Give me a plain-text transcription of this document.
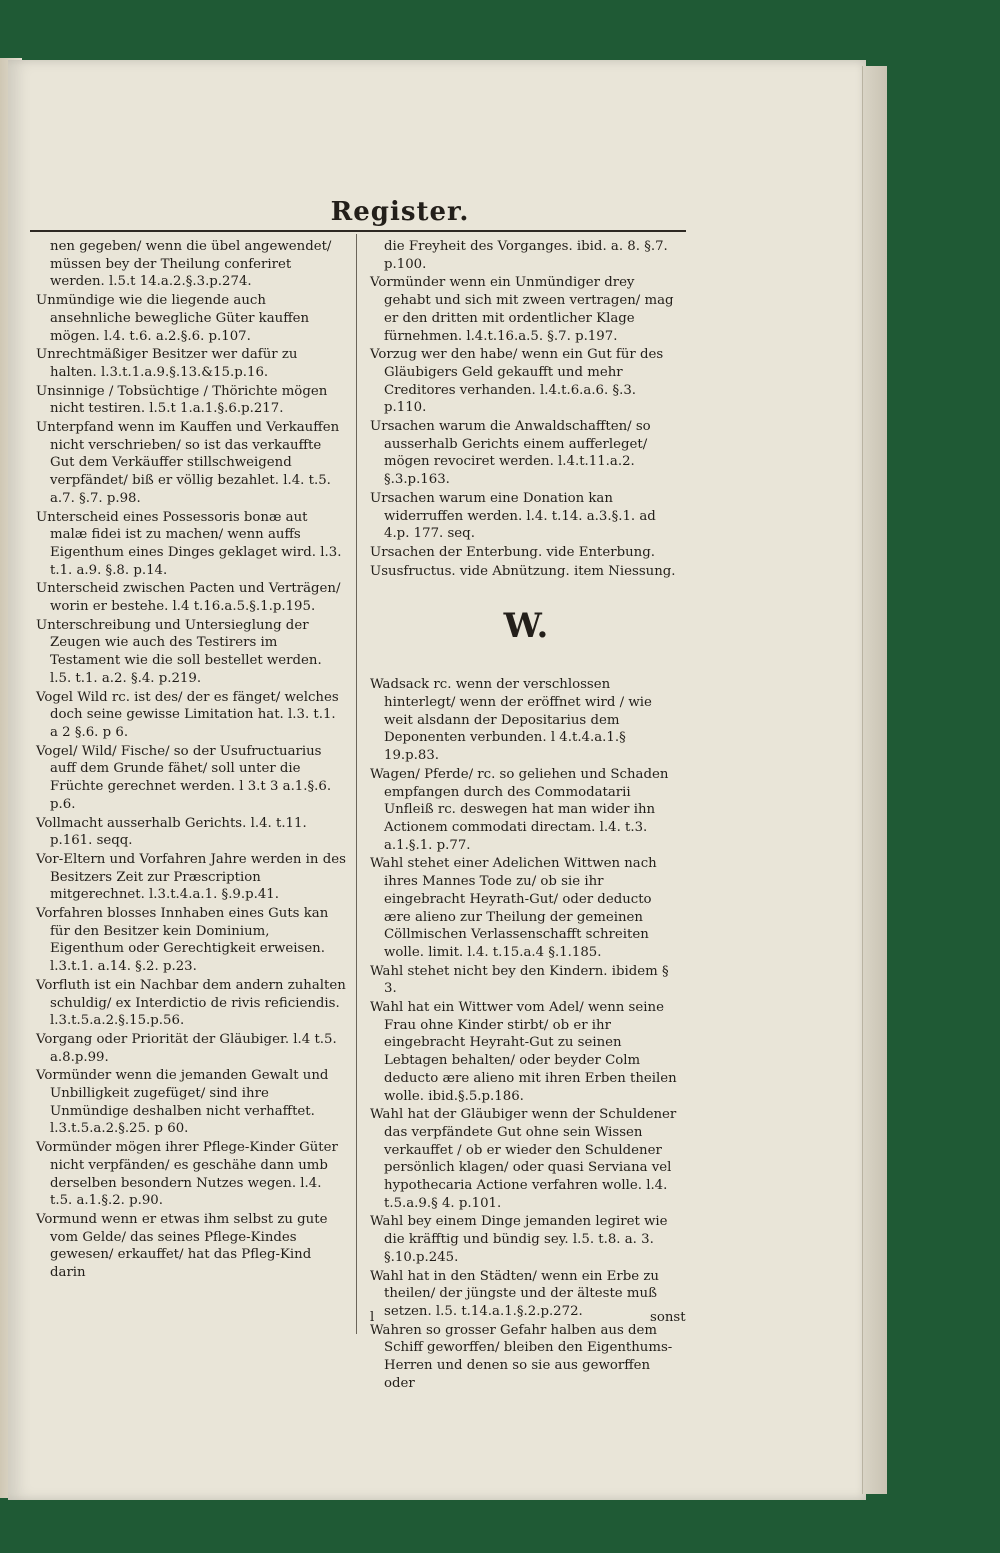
Register.
nen gegeben/ wenn die übel angewendet/ müssen bey der Theilung conferiret werden. l.5.t 14.a.2.§.3.p.274.
Unmündige wie die liegende auch ansehnliche bewegliche Güter kauffen mögen. l.4. t.6. a.2.§.6. p.107.
Unrechtmäßiger Besitzer wer dafür zu halten. l.3.t.1.a.9.§.13.&15.p.16.
Unsinnige / Tobsüchtige / Thörichte mögen nicht testiren. l.5.t 1.a.1.§.6.p.217.
Unterpfand wenn im Kauffen und Verkauffen nicht verschrieben/ so ist das verkauffte Gut dem Verkäuffer stillschweigend verpfändet/ biß er völlig bezahlet. l.4. t.5. a.7. §.7. p.98.
Unterscheid eines Possessoris bonæ aut malæ fidei ist zu machen/ wenn auffs Eigenthum eines Dinges geklaget wird. l.3. t.1. a.9. §.8. p.14.
Unterscheid zwischen Pacten und Verträgen/ worin er bestehe. l.4 t.16.a.5.§.1.p.195.
Unterschreibung und Untersieglung der Zeugen wie auch des Testirers im Testament wie die soll bestellet werden. l.5. t.1. a.2. §.4. p.219.
Vogel Wild rc. ist des/ der es fänget/ welches doch seine gewisse Limitation hat. l.3. t.1. a 2 §.6. p 6.
Vogel/ Wild/ Fische/ so der Usufructuarius auff dem Grunde fähet/ soll unter die Früchte gerechnet werden. l 3.t 3 a.1.§.6. p.6.
Vollmacht ausserhalb Gerichts. l.4. t.11. p.161. seqq.
Vor-Eltern und Vorfahren Jahre werden in des Besitzers Zeit zur Præscription mitgerechnet. l.3.t.4.a.1. §.9.p.41.
Vorfahren blosses Innhaben eines Guts kan für den Besitzer kein Dominium, Eigenthum oder Gerechtigkeit erweisen. l.3.t.1. a.14. §.2. p.23.
Vorfluth ist ein Nachbar dem andern zuhalten schuldig/ ex Interdictio de rivis reficiendis. l.3.t.5.a.2.§.15.p.56.
Vorgang oder Priorität der Gläubiger. l.4 t.5. a.8.p.99.
Vormünder wenn die jemanden Gewalt und Unbilligkeit zugefüget/ sind ihre Unmündige deshalben nicht verhafftet. l.3.t.5.a.2.§.25. p 60.
Vormünder mögen ihrer Pflege-Kinder Güter nicht verpfänden/ es geschähe dann umb derselben besondern Nutzes wegen. l.4. t.5. a.1.§.2. p.90.
Vormund wenn er etwas ihm selbst zu gute vom Gelde/ das seines Pflege-Kindes gewesen/ erkauffet/ hat das Pfleg-Kind darin
die Freyheit des Vorganges. ibid. a. 8. §.7. p.100.
Vormünder wenn ein Unmündiger drey gehabt und sich mit zween vertragen/ mag er den dritten mit ordentlicher Klage fürnehmen. l.4.t.16.a.5. §.7. p.197.
Vorzug wer den habe/ wenn ein Gut für des Gläubigers Geld gekaufft und mehr Creditores verhanden. l.4.t.6.a.6. §.3. p.110.
Ursachen warum die Anwaldschafften/ so ausserhalb Gerichts einem aufferleget/ mögen revociret werden. l.4.t.11.a.2. §.3.p.163.
Ursachen warum eine Donation kan widerruffen werden. l.4. t.14. a.3.§.1. ad 4.p. 177. seq.
Ursachen der Enterbung. vide Enterbung.
Ususfructus. vide Abnützung. item Niessung.
W.
Wadsack rc. wenn der verschlossen hinterlegt/ wenn der eröffnet wird / wie weit alsdann der Depositarius dem Deponenten verbunden. l 4.t.4.a.1.§ 19.p.83.
Wagen/ Pferde/ rc. so geliehen und Schaden empfangen durch des Commodatarii Unfleiß rc. deswegen hat man wider ihn Actionem commodati directam. l.4. t.3. a.1.§.1. p.77.
Wahl stehet einer Adelichen Wittwen nach ihres Mannes Tode zu/ ob sie ihr eingebracht Heyrath-Gut/ oder deducto ære alieno zur Theilung der gemeinen Cöllmischen Verlassenschafft schreiten wolle. limit. l.4. t.15.a.4 §.1.185.
Wahl stehet nicht bey den Kindern. ibidem § 3.
Wahl hat ein Wittwer vom Adel/ wenn seine Frau ohne Kinder stirbt/ ob er ihr eingebracht Heyraht-Gut zu seinen Lebtagen behalten/ oder beyder Colm deducto ære alieno mit ihren Erben theilen wolle. ibid.§.5.p.186.
Wahl hat der Gläubiger wenn der Schuldener das verpfändete Gut ohne sein Wissen verkauffet / ob er wieder den Schuldener persönlich klagen/ oder quasi Serviana vel hypothecaria Actione verfahren wolle. l.4. t.5.a.9.§ 4. p.101.
Wahl bey einem Dinge jemanden legiret wie die kräfftig und bündig sey. l.5. t.8. a. 3. §.10.p.245.
Wahl hat in den Städten/ wenn ein Erbe zu theilen/ der jüngste und der älteste muß setzen. l.5. t.14.a.1.§.2.p.272.
Wahren so grosser Gefahr halben aus dem Schiff geworffen/ bleiben den Eigenthums-Herren und denen so sie aus geworffen oder
l	sonst
